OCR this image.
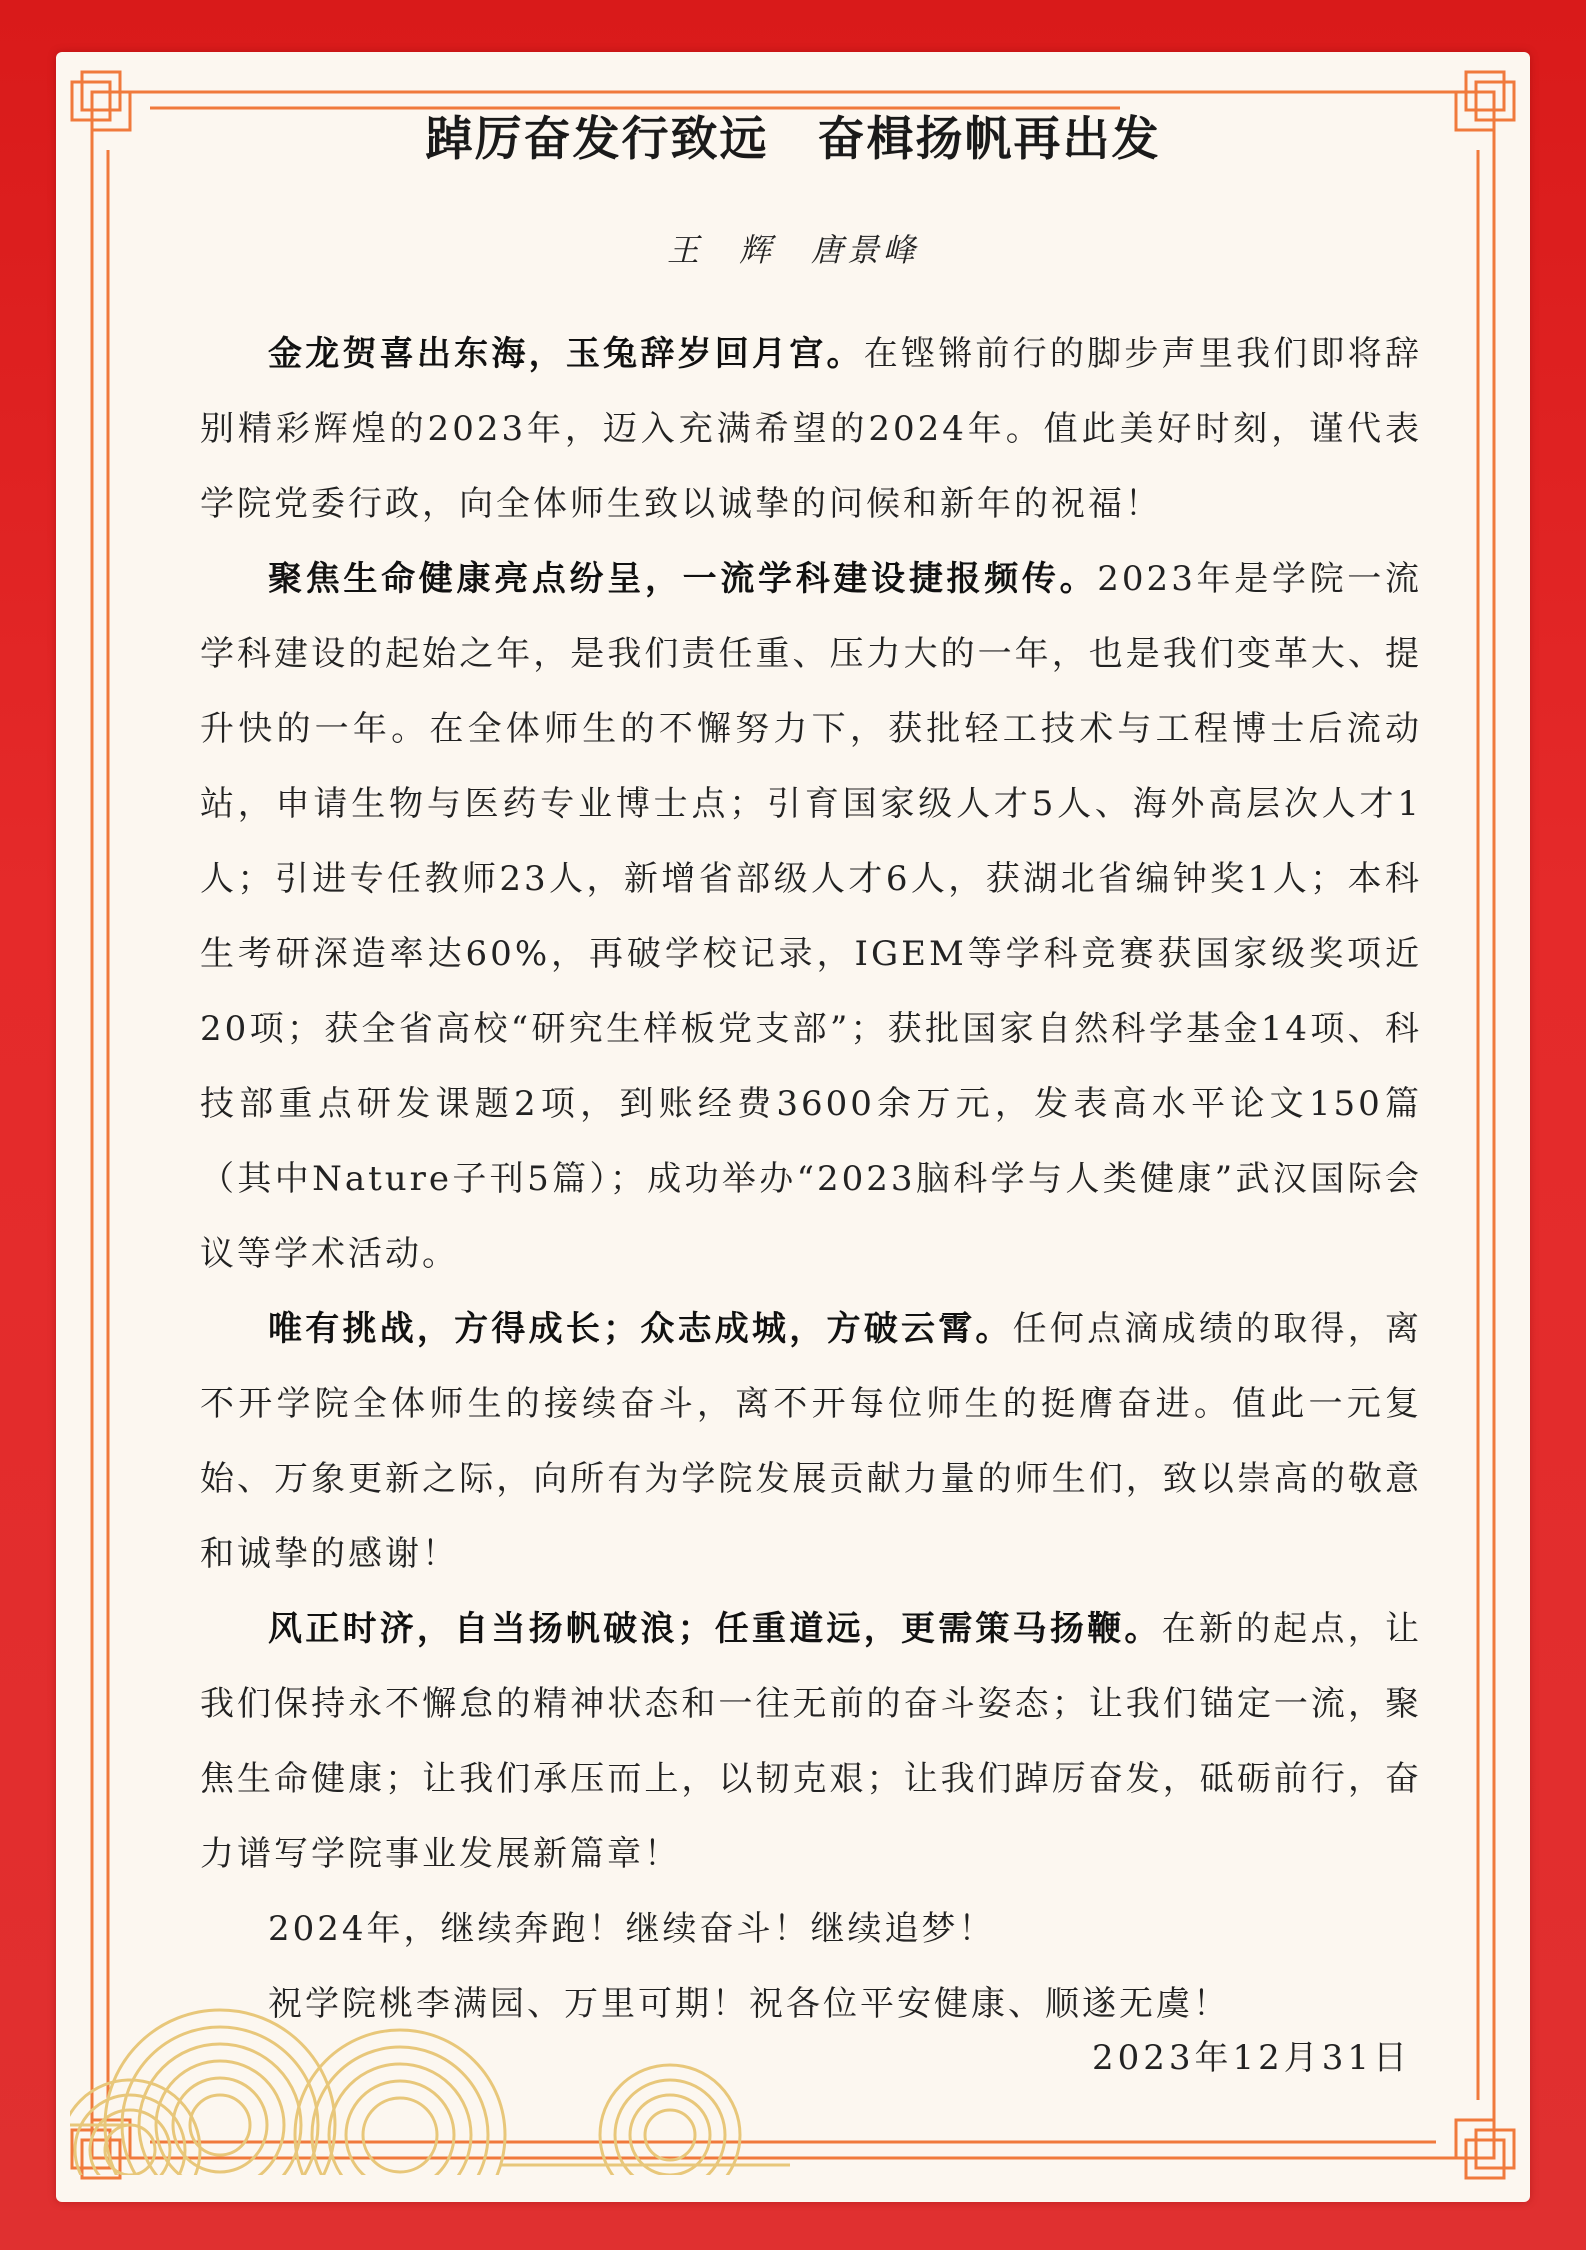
踔厉奋发行致远　奋楫扬帆再出发
王　辉　唐景峰

金龙贺喜出东海，玉兔辞岁回月宫。在铿锵前行的脚步声里我们即将辞别精彩辉煌的2023年，迈入充满希望的2024年。值此美好时刻，谨代表学院党委行政，向全体师生致以诚挚的问候和新年的祝福！

聚焦生命健康亮点纷呈，一流学科建设捷报频传。2023年是学院一流学科建设的起始之年，是我们责任重、压力大的一年，也是我们变革大、提升快的一年。在全体师生的不懈努力下，获批轻工技术与工程博士后流动站，申请生物与医药专业博士点；引育国家级人才5人、海外高层次人才1人；引进专任教师23人，新增省部级人才6人，获湖北省编钟奖1人；本科生考研深造率达60%，再破学校记录，IGEM等学科竞赛获国家级奖项近20项；获全省高校“研究生样板党支部”；获批国家自然科学基金14项、科技部重点研发课题2项，到账经费3600余万元，发表高水平论文150篇（其中Nature子刊5篇）；成功举办“2023脑科学与人类健康”武汉国际会议等学术活动。

唯有挑战，方得成长；众志成城，方破云霄。任何点滴成绩的取得，离不开学院全体师生的接续奋斗，离不开每位师生的挺膺奋进。值此一元复始、万象更新之际，向所有为学院发展贡献力量的师生们，致以崇高的敬意和诚挚的感谢！

风正时济，自当扬帆破浪；任重道远，更需策马扬鞭。在新的起点，让我们保持永不懈怠的精神状态和一往无前的奋斗姿态；让我们锚定一流，聚焦生命健康；让我们承压而上，以韧克艰；让我们踔厉奋发，砥砺前行，奋力谱写学院事业发展新篇章！

2024年，继续奔跑！继续奋斗！继续追梦！

祝学院桃李满园、万里可期！祝各位平安健康、顺遂无虞！

2023年12月31日
